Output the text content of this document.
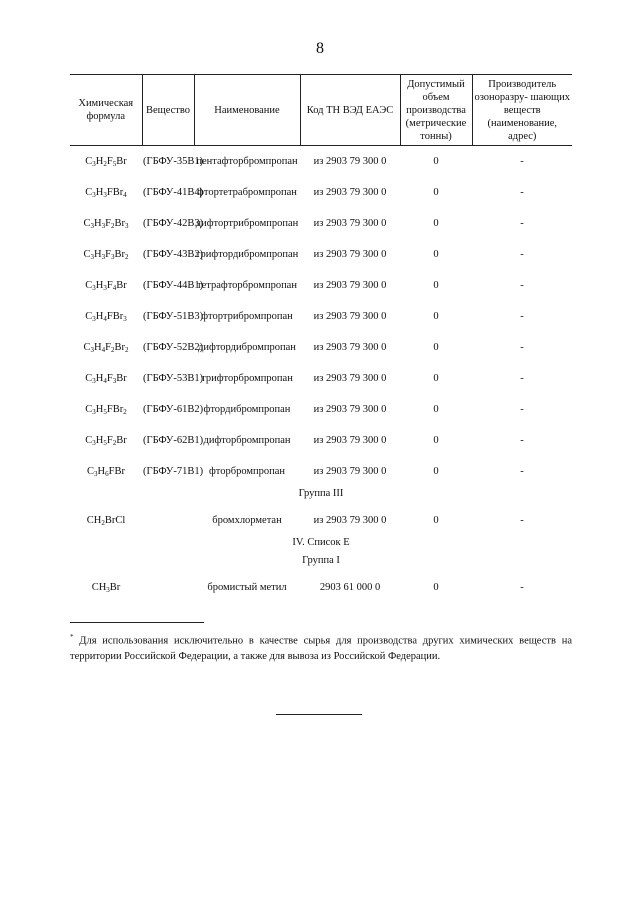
8
Химическая формула	Вещество	Наименование	Код ТН ВЭД ЕАЭС	Допустимый объем производства (метрические тонны)	Производитель озоноразру- шающих веществ (наименование, адрес)
$C_3H_2F_5Br$	(ГБФУ-35B1)	пентафторбромпропан	из 2903 79 300 0	0	-
$C_3H_3FBr_4$	(ГБФУ-41B4)	фтортетрабромпропан	из 2903 79 300 0	0	-
$C_3H_3F_2Br_3$	(ГБФУ-42B3)	дифтортрибромпропан	из 2903 79 300 0	0	-
$C_3H_3F_3Br_2$	(ГБФУ-43B2)	трифтордибромпропан	из 2903 79 300 0	0	-
$C_3H_3F_4Br$	(ГБФУ-44B1)	тетрафторбромпропан	из 2903 79 300 0	0	-
$C_3H_4FBr_3$	(ГБФУ-51B3)	фтортрибромпропан	из 2903 79 300 0	0	-
$C_3H_4F_2Br_2$	(ГБФУ-52B2)	дифтордибромпропан	из 2903 79 300 0	0	-
$C_3H_4F_3Br$	(ГБФУ-53B1)	трифторбромпропан	из 2903 79 300 0	0	-
$C_3H_5FBr_2$	(ГБФУ-61B2)	фтордибромпропан	из 2903 79 300 0	0	-
$C_3H_5F_2Br$	(ГБФУ-62B1)	дифторбромпропан	из 2903 79 300 0	0	-
$C_3H_6FBr$	(ГБФУ-71B1)	фторбромпропан	из 2903 79 300 0	0	-
Группа III					
$CH_2BrCl$		бромхлорметан	из 2903 79 300 0	0	-
IV. Список Е					
Группа I					
$CH_3Br$		бромистый метил	2903 61 000 0	0	-
* Для использования исключительно в качестве сырья для производства других химических веществ на территории Российской Федерации, а также для вывоза из Российской Федерации.
